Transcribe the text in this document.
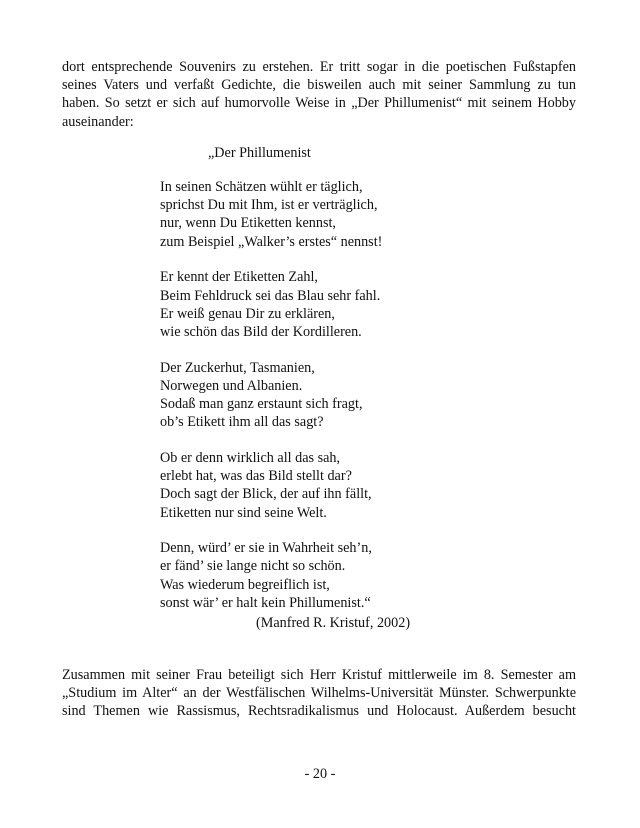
dort entsprechende Souvenirs zu erstehen. Er tritt sogar in die poetischen Fußstapfen
seines Vaters und verfaßt Gedichte, die bisweilen auch mit seiner Sammlung zu tun
haben. So setzt er sich auf humorvolle Weise in „Der Phillumenist“ mit seinem Hobby
auseinander:

„Der Phillumenist

In seinen Schätzen wühlt er täglich,
sprichst Du mit Ihm, ist er verträglich,
nur, wenn Du Etiketten kennst,
zum Beispiel „Walker’s erstes“ nennst!
Er kennt der Etiketten Zahl,
Beim Fehldruck sei das Blau sehr fahl.
Er weiß genau Dir zu erklären,
wie schön das Bild der Kordilleren.
Der Zuckerhut, Tasmanien,
Norwegen und Albanien.
Sodaß man ganz erstaunt sich fragt,
ob’s Etikett ihm all das sagt?
Ob er denn wirklich all das sah,
erlebt hat, was das Bild stellt dar?
Doch sagt der Blick, der auf ihn fällt,
Etiketten nur sind seine Welt.
Denn, würd’ er sie in Wahrheit seh’n,
er fänd’ sie lange nicht so schön.
Was wiederum begreiflich ist,
sonst wär’ er halt kein Phillumenist.“

(Manfred R. Kristuf, 2002)

Zusammen mit seiner Frau beteiligt sich Herr Kristuf mittlerweile im 8. Semester am
„Studium im Alter“ an der Westfälischen Wilhelms-Universität Münster. Schwerpunkte
sind Themen wie Rassismus, Rechtsradikalismus und Holocaust. Außerdem besucht

- 20 -
